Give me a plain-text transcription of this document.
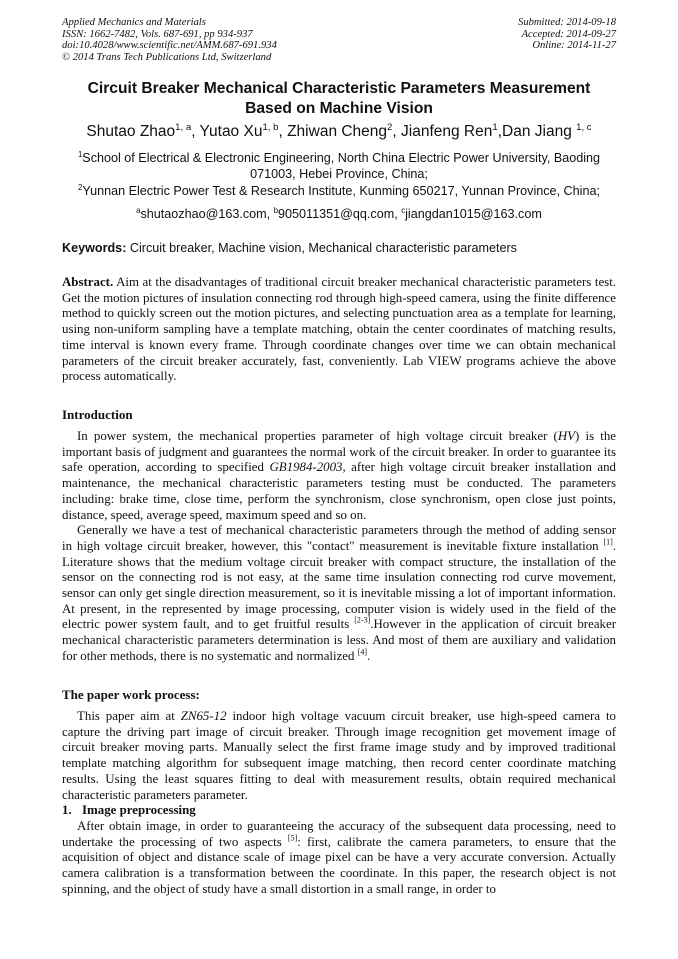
Applied Mechanics and Materials
ISSN: 1662-7482, Vols. 687-691, pp 934-937
doi:10.4028/www.scientific.net/AMM.687-691.934
© 2014 Trans Tech Publications Ltd, Switzerland
Submitted: 2014-09-18
Accepted: 2014-09-27
Online: 2014-11-27
Circuit Breaker Mechanical Characteristic Parameters Measurement
Based on Machine Vision
Shutao Zhao$^{1, a}$, Yutao Xu$^{1, b}$, Zhiwan Cheng$^2$, Jianfeng Ren$^1$,Dan Jiang $^{1, c}$
$^1$School of Electrical & Electronic Engineering, North China Electric Power University, Baoding 071003, Hebei Province, China;
$^2$Yunnan Electric Power Test & Research Institute, Kunming 650217, Yunnan Province, China;
$^a$shutaozhao@163.com, $^b$905011351@qq.com, $^c$jiangdan1015@163.com
Keywords: Circuit breaker, Machine vision, Mechanical characteristic parameters
Abstract. Aim at the disadvantages of traditional circuit breaker mechanical characteristic parameters test. Get the motion pictures of insulation connecting rod through high-speed camera, using the finite difference method to quickly screen out the motion pictures, and selecting punctuation area as a template for learning, using non-uniform sampling have a template matching, obtain the center coordinates of matching results, time interval is known every frame. Through coordinate changes over time we can obtain mechanical parameters of the circuit breaker accurately, fast, conveniently. Lab VIEW programs achieve the above process automatically.
Introduction

In power system, the mechanical properties parameter of high voltage circuit breaker (HV) is the important basis of judgment and guarantees the normal work of the circuit breaker. In order to guarantee its safe operation, according to specified GB1984-2003, after high voltage circuit breaker installation and maintenance, the mechanical characteristic parameters testing must be conducted. The parameters including: brake time, close time, perform the synchronism, close synchronism, open close just points, distance, speed, average speed, maximum speed and so on.

Generally we have a test of mechanical characteristic parameters through the method of adding sensor in high voltage circuit breaker, however, this "contact" measurement is inevitable fixture installation [1]. Literature shows that the medium voltage circuit breaker with compact structure, the installation of the sensor on the connecting rod is not easy, at the same time insulation connecting rod curve movement, sensor can only get single direction measurement, so it is inevitable missing a lot of important information. At present, in the represented by image processing, computer vision is widely used in the field of the electric power system fault, and to get fruitful results [2-3].However in the application of circuit breaker mechanical characteristic parameters determination is less. And most of them are auxiliary and validation for other methods, there is no systematic and normalized [4].

The paper work process:

This paper aim at ZN65-12 indoor high voltage vacuum circuit breaker, use high-speed camera to capture the driving part image of circuit breaker. Through image recognition get movement image of circuit breaker moving parts. Manually select the first frame image study and by improved traditional template matching algorithm for subsequent image matching, then record center coordinate matching results. Using the least squares fitting to deal with measurement results, obtain required mechanical characteristic parameters parameter.

1. Image preprocessing

After obtain image, in order to guaranteeing the accuracy of the subsequent data processing, need to undertake the processing of two aspects [5]: first, calibrate the camera parameters, to ensure that the acquisition of object and distance scale of image pixel can be have a very accurate conversion. Actually camera calibration is a transformation between the coordinate. In this paper, the research object is not spinning, and the object of study have a small distortion in a small range, in order to
